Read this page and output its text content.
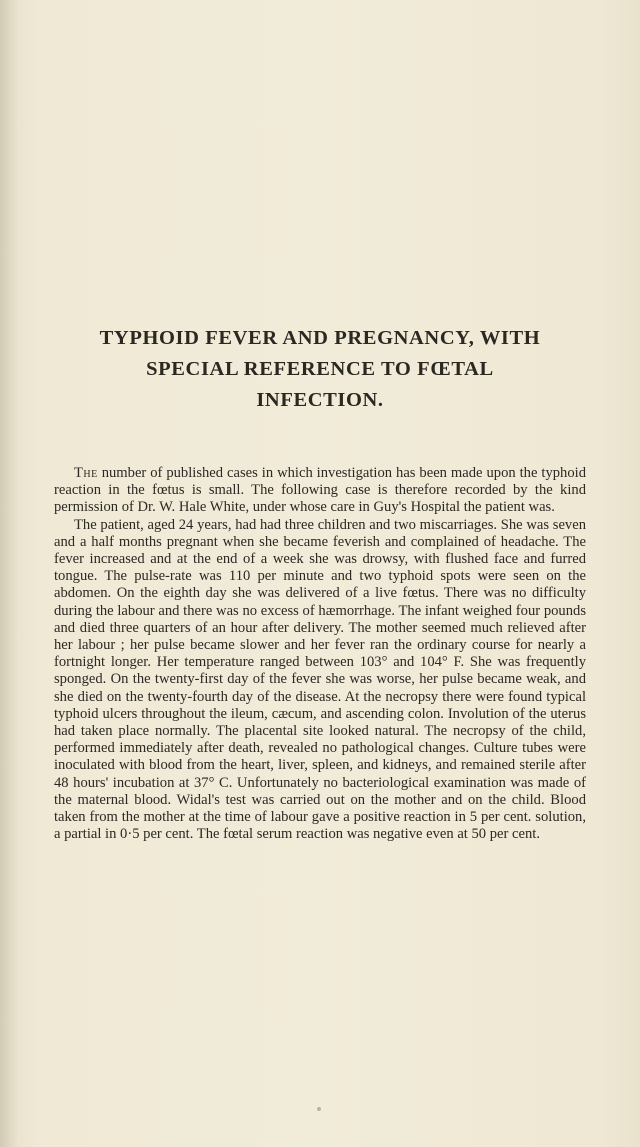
TYPHOID FEVER AND PREGNANCY, WITH
SPECIAL REFERENCE TO FŒTAL
INFECTION.

The number of published cases in which investigation has been made upon the typhoid reaction in the fœtus is small. The following case is therefore recorded by the kind permission of Dr. W. Hale White, under whose care in Guy's Hospital the patient was.

The patient, aged 24 years, had had three children and two miscarriages. She was seven and a half months pregnant when she became feverish and complained of headache. The fever increased and at the end of a week she was drowsy, with flushed face and furred tongue. The pulse-rate was 110 per minute and two typhoid spots were seen on the abdomen. On the eighth day she was delivered of a live fœtus. There was no difficulty during the labour and there was no excess of hæmorrhage. The infant weighed four pounds and died three quarters of an hour after delivery. The mother seemed much relieved after her labour ; her pulse became slower and her fever ran the ordinary course for nearly a fortnight longer. Her temperature ranged between 103° and 104° F. She was frequently sponged. On the twenty-first day of the fever she was worse, her pulse became weak, and she died on the twenty-fourth day of the disease. At the necropsy there were found typical typhoid ulcers throughout the ileum, cæcum, and ascending colon. Involution of the uterus had taken place normally. The placental site looked natural. The necropsy of the child, performed immediately after death, revealed no pathological changes. Culture tubes were inoculated with blood from the heart, liver, spleen, and kidneys, and remained sterile after 48 hours' incubation at 37° C. Unfortunately no bacteriological examination was made of the maternal blood. Widal's test was carried out on the mother and on the child. Blood taken from the mother at the time of labour gave a positive reaction in 5 per cent. solution, a partial in 0·5 per cent. The fœtal serum reaction was negative even at 50 per cent.
